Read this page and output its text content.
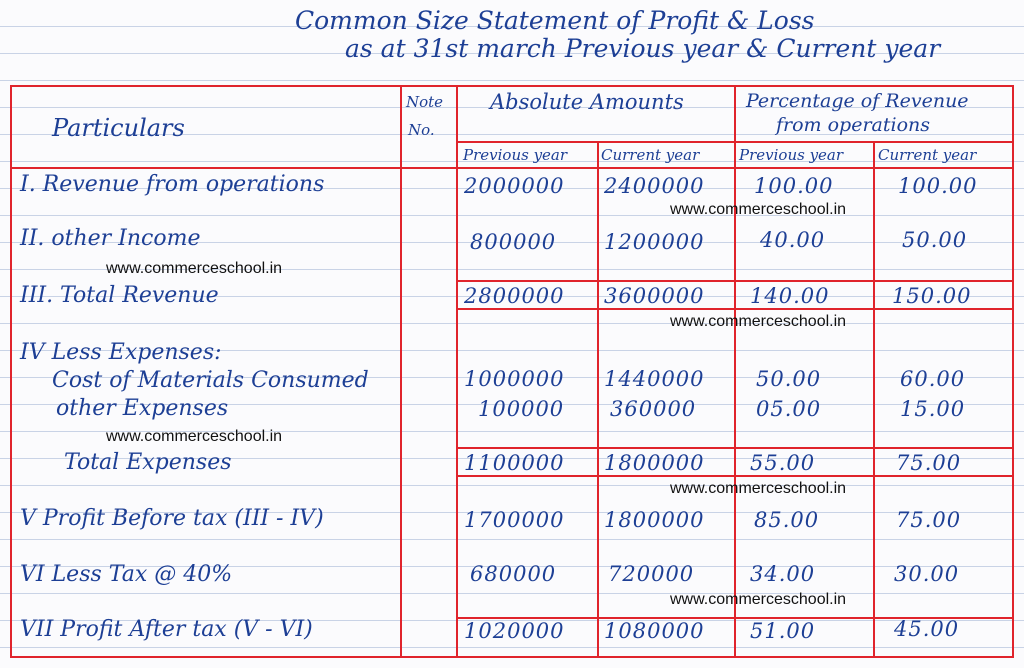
Common Size Statement of Profit & Loss
as at 31st march Previous year & Current year
Particulars
Note
No.
Absolute Amounts	Percentage of Revenue
from operations
Previous year Current year	Previous year Current year
I. Revenue from operations
II. other Income
III. Total Revenue
IV Less Expenses:
Cost of Materials Consumed
other Expenses
Total Expenses
V Profit Before tax (III - IV)
VI Less Tax @ 40%
VII Profit After tax (V - VI)
2000000
800000
2800000
1000000
100000
1100000
1700000
680000
1020000
2400000
1200000
3600000
1440000
360000
1800000
1800000
720000
1080000
100.00
40.00
140.00
50.00
05.00
55.00
85.00
34.00
51.00
100.00
50.00
150.00
60.00
15.00
75.00
75.00
30.00
45.00
www.commerceschool.in
www.commerceschool.in
www.commerceschool.in
www.commerceschool.in
www.commerceschool.in
www.commerceschool.in
